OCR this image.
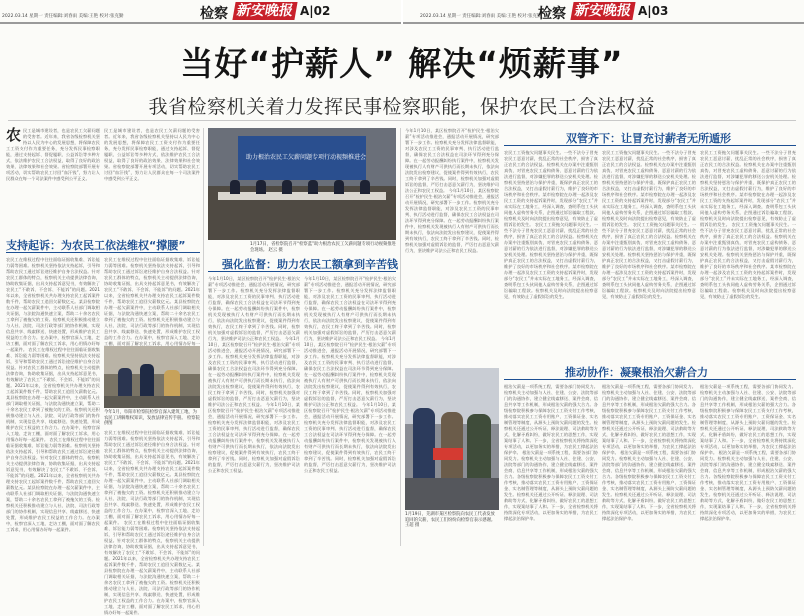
2022.03.14 星期一 责任编辑:刘春雨 美编:王艳 校对:张克勤	检察 新安晚报 A|02	2022.03.14 星期一 责任编辑:刘春雨 美编:王艳 校对:张克勤
检察 新安晚报 A|03
当好“护薪人” 解决“烦薪事”
我省检察机关着力发挥民事检察职能，保护农民工合法权益
农民工是城市建设者，也是农民工欠薪问题的受害者。近年来，我省各级检察机关坚持以人民为中心的发展思想，将保障农民工工资支付作为重要任务，充分发挥民事检察职能，通过支持起诉、督促履职、公益诉讼等多种方式，依法维护农民工合法权益，取得了良好的政治效果、法律效果和社会效果。省检察院部署开展专项活动，切实帮助农民工讨回“血汗钱”，努力让人民群众在每一个司法案件中感受到公平正义。
民工是城市建设者，也是农民工欠薪问题的受害者。近年来，我省各级检察机关坚持以人民为中心的发展思想，将保障农民工工资支付作为重要任务，充分发挥民事检察职能，通过支持起诉、督促履职、公益诉讼等多种方式，依法维护农民工合法权益，取得了良好的政治效果、法律效果和社会效果。省检察院部署开展专项活动，切实帮助农民工讨回“血汗钱”，努力让人民群众在每一个司法案件中感受到公平正义。
支持起诉：为农民工依法维权“撑腰”
农民工在维权过程中往往面临证据收集难、诉讼能力弱等困难。检察机关坚持依法支持起诉，引导和帮助农民工通过诉讼途径维护自身合法权益。针对农民工群体的特点，检察机关主动提供法律咨询，协助收集证据，出具支持起诉意见书，有效解决了农民工“不敢诉、不会诉、不能诉”的问题。2021年以来，全省检察机关共办理支持农民工起诉案件数千件，帮助农民工追回欠薪数亿元。某县检察院在办理一起欠薪案件中，主动联系人社部门调取相关证据，与法院沟通快速立案，帮助二十余名农民工拿到了被拖欠的工资。检察机关还积极推动建立与人社、法院、司法行政等部门的协作机制，实现信息共享、线索移送、快速处置，形成维护农民工权益的工作合力。在办案中，检察官深入工地、走访工棚，面对面了解农民工诉求，用心用情办好每一起案件。 农民工在维权过程中往往面临证据收集难、诉讼能力弱等困难。检察机关坚持依法支持起诉，引导和帮助农民工通过诉讼途径维护自身合法权益。针对农民工群体的特点，检察机关主动提供法律咨询，协助收集证据，出具支持起诉意见书，有效解决了农民工“不敢诉、不会诉、不能诉”的问题。2021年以来，全省检察机关共办理支持农民工起诉案件数千件，帮助农民工追回欠薪数亿元。某县检察院在办理一起欠薪案件中，主动联系人社部门调取相关证据，与法院沟通快速立案，帮助二十余名农民工拿到了被拖欠的工资。检察机关还积极推动建立与人社、法院、司法行政等部门的协作机制，实现信息共享、线索移送、快速处置，形成维护农民工权益的工作合力。在办案中，检察官深入工地、走访工棚，面对面了解农民工诉求，用心用情办好每一起案件。 农民工在维权过程中往往面临证据收集难、诉讼能力弱等困难。检察机关坚持依法支持起诉，引导和帮助农民工通过诉讼途径维护自身合法权益。针对农民工群体的特点，检察机关主动提供法律咨询，协助收集证据，出具支持起诉意见书，有效解决了农民工“不敢诉、不会诉、不能诉”的问题。2021年以来，全省检察机关共办理支持农民工起诉案件数千件，帮助农民工追回欠薪数亿元。某县检察院在办理一起欠薪案件中，主动联系人社部门调取相关证据，与法院沟通快速立案，帮助二十余名农民工拿到了被拖欠的工资。检察机关还积极推动建立与人社、法院、司法行政等部门的协作机制，实现信息共享、线索移送、快速处置，形成维护农民工权益的工作合力。在办案中，检察官深入工地、走访工棚，面对面了解农民工诉求，用心用情办好每一起案件。
农民工在维权过程中往往面临证据收集难、诉讼能力弱等困难。检察机关坚持依法支持起诉，引导和帮助农民工通过诉讼途径维护自身合法权益。针对农民工群体的特点，检察机关主动提供法律咨询，协助收集证据，出具支持起诉意见书，有效解决了农民工“不敢诉、不会诉、不能诉”的问题。2021年以来，全省检察机关共办理支持农民工起诉案件数千件，帮助农民工追回欠薪数亿元。某县检察院在办理一起欠薪案件中，主动联系人社部门调取相关证据，与法院沟通快速立案，帮助二十余名农民工拿到了被拖欠的工资。检察机关还积极推动建立与人社、法院、司法行政等部门的协作机制，实现信息共享、线索移送、快速处置，形成维护农民工权益的工作合力。在办案中，检察官深入工地、走访工棚，面对面了解农民工诉求，用心用情办好每一
今年1月，阜阳市检察院检察官深入建筑工地，为农民工讲解维权知识，发放法律宣传手册。 检察院供图
农民工在维权过程中往往面临证据收集难、诉讼能力弱等困难。检察机关坚持依法支持起诉，引导和帮助农民工通过诉讼途径维护自身合法权益。针对农民工群体的特点，检察机关主动提供法律咨询，协助收集证据，出具支持起诉意见书，有效解决了农民工“不敢诉、不会诉、不能诉”的问题。2021年以来，全省检察机关共办理支持农民工起诉案件数千件，帮助农民工追回欠薪数亿元。某县检察院在办理一起欠薪案件中，主动联系人社部门调取相关证据，与法院沟通快速立案，帮助二十余名农民工拿到了被拖欠的工资。检察机关还积极推动建立与人社、法院、司法行政等部门的协作机制，实现信息共享、线索移送、快速处置，形成维护农民工权益的工作合力。在办案中，检察官深入工地、走访工棚，面对面了解农民工诉求，用心用情办好每一起案件。 农民工在维权过程中往往面临证据收集难、诉讼能力弱等困难。检察机关坚持依法支持起诉，引导和帮助农民工通过诉讼途径维护自身合法权益。针对农民工群体的特点，检察机关主动提供法律咨询，协助收集证据，出具支持起诉意见书，有效解决了农民工“不敢诉、不会诉、不能诉”的问题。2021年以来，全省检察机关共办理支持农民工起诉案件数千件，帮助农民工追回欠薪数亿元。某县检察院在办理一起欠薪案件中，主动联系人社部门调取相关证据，与法院沟通快速立案，帮助二十余名农民工拿到了被拖欠的工资。检察机关还积极推动建立与人社、法院、司法行政等部门的协作机制，实现信息共享、线索移送、快速处置，形成维护农民工权益的工作合力。在办案中，检察官深入工地、走访工棚，面对面了解农民工诉求，用心用情办好每一起案件。
助力根治农民工欠薪问题专项行动视频推进会
1月17日，省检察院召开“检察蓝”助力根治农民工欠薪问题专项行动视频推进会现场。 赵云 摄
强化监督：助力农民工额拿到辛苦钱
今年1月10日，某区检察院召开“检护民生·根治欠薪”专项活动推进会，通报活动开展情况，研究部署下一步工作。检察机关充分发挥法律监督职能，对涉及农民工工资的民事审判、执行活动进行监督，确保农民工合法权益在司法环节得到充分保障。在一起劳动报酬纠纷执行案件中，检察机关发现被执行人有财产可供执行而长期未执行，依法向法院发出检察建议，促使案件得到有效执行，农民工终于拿到了辛苦钱。同时，检察机关加强对虚假诉讼的监督，严厉打击恶意欠薪行为，坚决维护司法公正和农民工权益。 今年1月10日，某区检察院召开“检护民生·根治欠薪”专项活动推进会，通报活动开展情况，研究部署下一步工作。检察机关充分发挥法律监督职能，对涉及农民工工资的民事审判、执行活动进行监督，确保农民工合法权益在司法环节得到充分保障。在一起劳动报酬纠纷执行案件中，检察机关发现被执行人有财产可供执行而长期未执行，依法向法院发出检察建议，促使案件得到有效执行，农民工终于拿到了辛苦钱。同时，检察机关加强对虚假诉讼的监督，严厉打击恶意欠薪行为，坚决维护司法公正和农民工权益。 今年1月10日，某区检察院召开“检护民生·根治欠薪”专项活动推进会，通报活动开展情况，研究部署下一步工作。检察机关充分发挥法律监督职能，对涉及农民工工资的民事审判、执行活动进行监督，确保农民工合法权益在司法环节得到充分保障。在一起劳动报酬纠纷执行案件中，检察机关发现被执行人有财产可供执行而长期未执行，依法向法院发出检察建议，促使案件得到有效执行，农民工终于拿到了辛苦钱。同时，检察机关加强对虚假诉讼的监督，严厉打击恶意欠薪行为，坚决维护司法公正和农民工权益。
今年1月10日，某区检察院召开“检护民生·根治欠薪”专项活动推进会，通报活动开展情况，研究部署下一步工作。检察机关充分发挥法律监督职能，对涉及农民工工资的民事审判、执行活动进行监督，确保农民工合法权益在司法环节得到充分保障。在一起劳动报酬纠纷执行案件中，检察机关发现被执行人有财产可供执行而长期未执行，依法向法院发出检察建议，促使案件得到有效执行，农民工终于拿到了辛苦钱。同时，检察机关加强对虚假诉讼的监督，严厉打击恶意欠薪行为，坚决维护司法公正和农民工权益。 今年1月10日，某区检察院召开“检护民生·根治欠薪”专项活动推进会，通报活动开展情况，研究部署下一步工作。检察机关充分发挥法律监督职能，对涉及农民工工资的民事审判、执行活动进行监督，确保农民工合法权益在司法环节得到充分保障。在一起劳动报酬纠纷执行案件中，检察机关发现被执行人有财产可供执行而长期未执行，依法向法院发出检察建议，促使案件得到有效执行，农民工终于拿到了辛苦钱。同时，检察机关加强对虚假诉讼的监督，严厉打击恶意欠薪行为，坚决维护司法公正和农民工权益。 今年1月10日，某区检察院召开“检护民生·根治欠薪”专项活动推进会，通报活动开展情况，研究部署下一步工作。检察机关充分发挥法律监督职能，对涉及农民工工资的民事审判、执行活动进行监督，确保农民工合法权益在司法环节得到充分保障。在一起劳动报酬纠纷执行案件中，检察机关发现被执行人有财产可供执行而长期未执行，依法向法院发出检察建议，促使案件得到有效执行，农民工终于拿到了辛苦钱。同时，检察机关加强对虚假诉讼的监督，严厉打击恶意欠薪行为，坚决维护司法公正和农民工权益。
今年1月10日，某区检察院召开“检护民生·根治欠薪”专项活动推进会，通报活动开展情况，研究部署下一步工作。检察机关充分发挥法律监督职能，对涉及农民工工资的民事审判、执行活动进行监督，确保农民工合法权益在司法环节得到充分保障。在一起劳动报酬纠纷执行案件中，检察机关发现被执行人有财产可供执行而长期未执行，依法向法院发出检察建议，促使案件得到有效执行，农民工终于拿到了辛苦钱。同时，检察机关加强对虚假诉讼的监督，严厉打击恶意欠薪行为，坚决维护司法公正和农民工权益。 今年1月10日，某区检察院召开“检护民生·根治欠薪”专项活动推进会，通报活动开展情况，研究部署下一步工作。检察机关充分发挥法律监督职能，对涉及农民工工资的民事审判、执行活动进行监督，确保农民工合法权益在司法环节得到充分保障。在一起劳动报酬纠纷执行案件中，检察机关发现被执行人有财产可供执行而长期未执行，依法向法院发出检察建议，促使案件得到有效执行，农民工终于拿到了辛苦钱。同时，检察机关加强对虚假诉讼的监督，严厉打击恶意欠薪行为，坚决维护司法公正和农民工权益。
双管齐下：让冒充讨薪者无所遁形
农民工工资拖欠问题事关民生。一些不法分子冒充农民工恶意讨薪，扰乱正常的社会秩序，损害了真正农民工的合法权益。检察机关在办案中注重甄别真伪，对冒充农民工虚构债务、恶意讨薪的行为依法进行监督，对涉嫌犯罪的移送公安机关处理。检察机关坚持惩治与保护并重，既保护真正农民工的合法权益，又打击虚假讨薪行为，维护了良好的市场秩序和社会秩序。某市检察院在办理一起涉及农民工工资的支持起诉案件时，发现部分“农民工”并未实际在工地务工，经深入调查，查明系包工头伙同他人虚构劳务关系，企图通过诉讼骗取工程款。检察机关及时向法院提出检察意见，有效防止了虚假诉讼的发生。 农民工工资拖欠问题事关民生。一些不法分子冒充农民工恶意讨薪，扰乱正常的社会秩序，损害了真正农民工的合法权益。检察机关在办案中注重甄别真伪，对冒充农民工虚构债务、恶意讨薪的行为依法进行监督，对涉嫌犯罪的移送公安机关处理。检察机关坚持惩治与保护并重，既保护真正农民工的合法权益，又打击虚假讨薪行为，维护了良好的市场秩序和社会秩序。某市检察院在办理一起涉及农民工工资的支持起诉案件时，发现部分“农民工”并未实际在工地务工，经深入调查，查明系包工头伙同他人虚构劳务关系，企图通过诉讼骗取工程款。检察机关及时向法院提出检察意见，有效防止了虚假诉讼的发生。
农民工工资拖欠问题事关民生。一些不法分子冒充农民工恶意讨薪，扰乱正常的社会秩序，损害了真正农民工的合法权益。检察机关在办案中注重甄别真伪，对冒充农民工虚构债务、恶意讨薪的行为依法进行监督，对涉嫌犯罪的移送公安机关处理。检察机关坚持惩治与保护并重，既保护真正农民工的合法权益，又打击虚假讨薪行为，维护了良好的市场秩序和社会秩序。某市检察院在办理一起涉及农民工工资的支持起诉案件时，发现部分“农民工”并未实际在工地务工，经深入调查，查明系包工头伙同他人虚构劳务关系，企图通过诉讼骗取工程款。检察机关及时向法院提出检察意见，有效防止了虚假诉讼的发生。 农民工工资拖欠问题事关民生。一些不法分子冒充农民工恶意讨薪，扰乱正常的社会秩序，损害了真正农民工的合法权益。检察机关在办案中注重甄别真伪，对冒充农民工虚构债务、恶意讨薪的行为依法进行监督，对涉嫌犯罪的移送公安机关处理。检察机关坚持惩治与保护并重，既保护真正农民工的合法权益，又打击虚假讨薪行为，维护了良好的市场秩序和社会秩序。某市检察院在办理一起涉及农民工工资的支持起诉案件时，发现部分“农民工”并未实际在工地务工，经深入调查，查明系包工头伙同他人虚构劳务关系，企图通过诉讼骗取工程款。检察机关及时向法院提出检察意见，有效防止了虚假诉讼的发生。
农民工工资拖欠问题事关民生。一些不法分子冒充农民工恶意讨薪，扰乱正常的社会秩序，损害了真正农民工的合法权益。检察机关在办案中注重甄别真伪，对冒充农民工虚构债务、恶意讨薪的行为依法进行监督，对涉嫌犯罪的移送公安机关处理。检察机关坚持惩治与保护并重，既保护真正农民工的合法权益，又打击虚假讨薪行为，维护了良好的市场秩序和社会秩序。某市检察院在办理一起涉及农民工工资的支持起诉案件时，发现部分“农民工”并未实际在工地务工，经深入调查，查明系包工头伙同他人虚构劳务关系，企图通过诉讼骗取工程款。检察机关及时向法院提出检察意见，有效防止了虚假诉讼的发生。 农民工工资拖欠问题事关民生。一些不法分子冒充农民工恶意讨薪，扰乱正常的社会秩序，损害了真正农民工的合法权益。检察机关在办案中注重甄别真伪，对冒充农民工虚构债务、恶意讨薪的行为依法进行监督，对涉嫌犯罪的移送公安机关处理。检察机关坚持惩治与保护并重，既保护真正农民工的合法权益，又打击虚假讨薪行为，维护了良好的市场秩序和社会秩序。某市检察院在办理一起涉及农民工工资的支持起诉案件时，发现部分“农民工”并未实际在工地务工，经深入调查，查明系包工头伙同他人虚构劳务关系，企图通过诉讼骗取工程款。检察机关及时向法院提出检察意见，有效防止了虚假诉讼的发生。
推动协作：凝聚根治欠薪合力
1月19日，芜湖市某区检察院向农民工代表发放追回的欠薪，农民工们纷纷向检察官表示感谢。 王超 摄
根治欠薪是一项系统工程，需要各部门协同发力。检察机关主动加强与人社、住建、公安、法院等部门的沟通协作，建立健全线索移送、案件会商、信息共享等工作机制，形成根治欠薪的强大合力。各级检察院积极参与保障农民工工资支付工作考核，推动落实农民工工资专用账户、工资保证金、实名制管理等制度，从源头上预防欠薪问题的发生。检察机关还通过公开听证、释法说理、司法救助等方式，化解矛盾纠纷，做好农民工的思想工作，实现案结事了人和。下一步，全省检察机关将持续深化专项活动，以更加务实的举措，为农民工撑起法治保护伞。 根治欠薪是一项系统工程，需要各部门协同发力。检察机关主动加强与人社、住建、公安、法院等部门的沟通协作，建立健全线索移送、案件会商、信息共享等工作机制，形成根治欠薪的强大合力。各级检察院积极参与保障农民工工资支付工作考核，推动落实农民工工资专用账户、工资保证金、实名制管理等制度，从源头上预防欠薪问题的发生。检察机关还通过公开听证、释法说理、司法救助等方式，化解矛盾纠纷，做好农民工的思想工作，实现案结事了人和。下一步，全省检察机关将持续深化专项活动，以更加务实的举措，为农民工撑起法治保护伞。
根治欠薪是一项系统工程，需要各部门协同发力。检察机关主动加强与人社、住建、公安、法院等部门的沟通协作，建立健全线索移送、案件会商、信息共享等工作机制，形成根治欠薪的强大合力。各级检察院积极参与保障农民工工资支付工作考核，推动落实农民工工资专用账户、工资保证金、实名制管理等制度，从源头上预防欠薪问题的发生。检察机关还通过公开听证、释法说理、司法救助等方式，化解矛盾纠纷，做好农民工的思想工作，实现案结事了人和。下一步，全省检察机关将持续深化专项活动，以更加务实的举措，为农民工撑起法治保护伞。 根治欠薪是一项系统工程，需要各部门协同发力。检察机关主动加强与人社、住建、公安、法院等部门的沟通协作，建立健全线索移送、案件会商、信息共享等工作机制，形成根治欠薪的强大合力。各级检察院积极参与保障农民工工资支付工作考核，推动落实农民工工资专用账户、工资保证金、实名制管理等制度，从源头上预防欠薪问题的发生。检察机关还通过公开听证、释法说理、司法救助等方式，化解矛盾纠纷，做好农民工的思想工作，实现案结事了人和。下一步，全省检察机关将持续深化专项活动，以更加务实的举措，为农民工撑起法治保护伞。
根治欠薪是一项系统工程，需要各部门协同发力。检察机关主动加强与人社、住建、公安、法院等部门的沟通协作，建立健全线索移送、案件会商、信息共享等工作机制，形成根治欠薪的强大合力。各级检察院积极参与保障农民工工资支付工作考核，推动落实农民工工资专用账户、工资保证金、实名制管理等制度，从源头上预防欠薪问题的发生。检察机关还通过公开听证、释法说理、司法救助等方式，化解矛盾纠纷，做好农民工的思想工作，实现案结事了人和。下一步，全省检察机关将持续深化专项活动，以更加务实的举措，为农民工撑起法治保护伞。 根治欠薪是一项系统工程，需要各部门协同发力。检察机关主动加强与人社、住建、公安、法院等部门的沟通协作，建立健全线索移送、案件会商、信息共享等工作机制，形成根治欠薪的强大合力。各级检察院积极参与保障农民工工资支付工作考核，推动落实农民工工资专用账户、工资保证金、实名制管理等制度，从源头上预防欠薪问题的发生。检察机关还通过公开听证、释法说理、司法救助等方式，化解矛盾纠纷，做好农民工的思想工作，实现案结事了人和。下一步，全省检察机关将持续深化专项活动，以更加务实的举措，为农民工撑起法治保护伞。
